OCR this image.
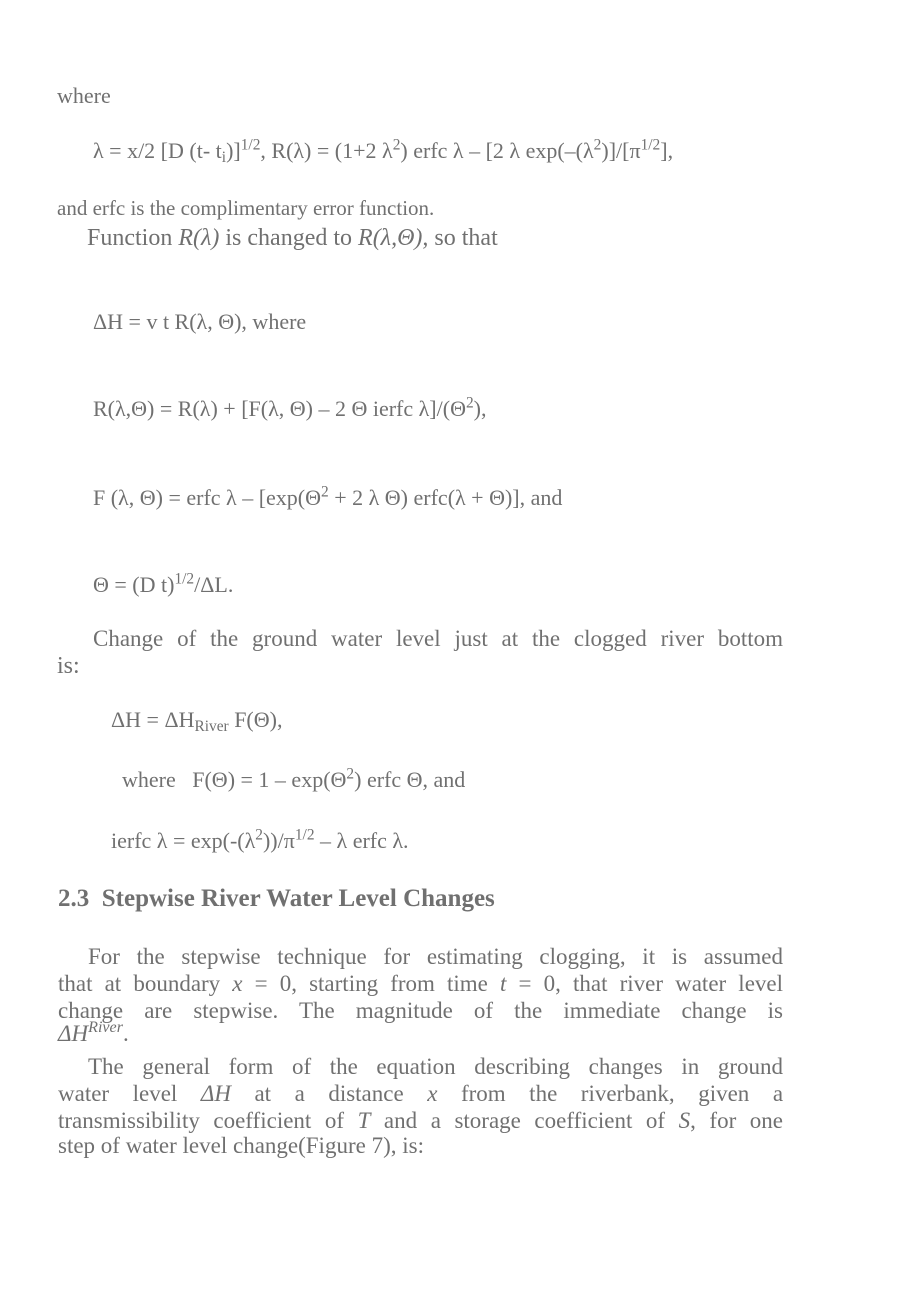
where
λ = x/2 [D (t- $t_i)]^{1/2}$, R(λ) = (1+2 $\lambda^2$) erfc λ – [2 λ $\exp(-(\lambda^2)]/[\pi^{1/2}]$,
and erfc is the complimentary error function.
Function R(λ) is changed to R(λ,Θ), so that
ΔH = v t R(λ, Θ), where
R(λ,Θ) = R(λ) + [F(λ, Θ) – 2 Θ ierfc $\lambda]/(\Theta^2)$,
F (λ, Θ) = erfc $\lambda - [\exp(\Theta^2 + 2$ λ Θ) erfc(λ + Θ)], and
Θ = (D t)$^{1/2}$/ΔL.
Change of the ground water level just at the clogged river bottom
is:
$\Delta H = \Delta H_{River}$ F(Θ),
where $F(\Theta) = 1 - \exp(\Theta^2)$ erfc Θ, and
ierfc $\lambda = \exp(-(\lambda^2))/\pi^{1/2} - \lambda$ erfc λ.
2.3 Stepwise River Water Level Changes
For the stepwise technique for estimating clogging, it is assumed
that at boundary x = 0, starting from time t = 0, that river water level
change are stepwise. The magnitude of the immediate change is
$\Delta H^{River}$.
The general form of the equation describing changes in ground
water level ΔH at a distance x from the riverbank, given a
transmissibility coefficient of T and a storage coefficient of S, for one
step of water level change(Figure 7), is:
